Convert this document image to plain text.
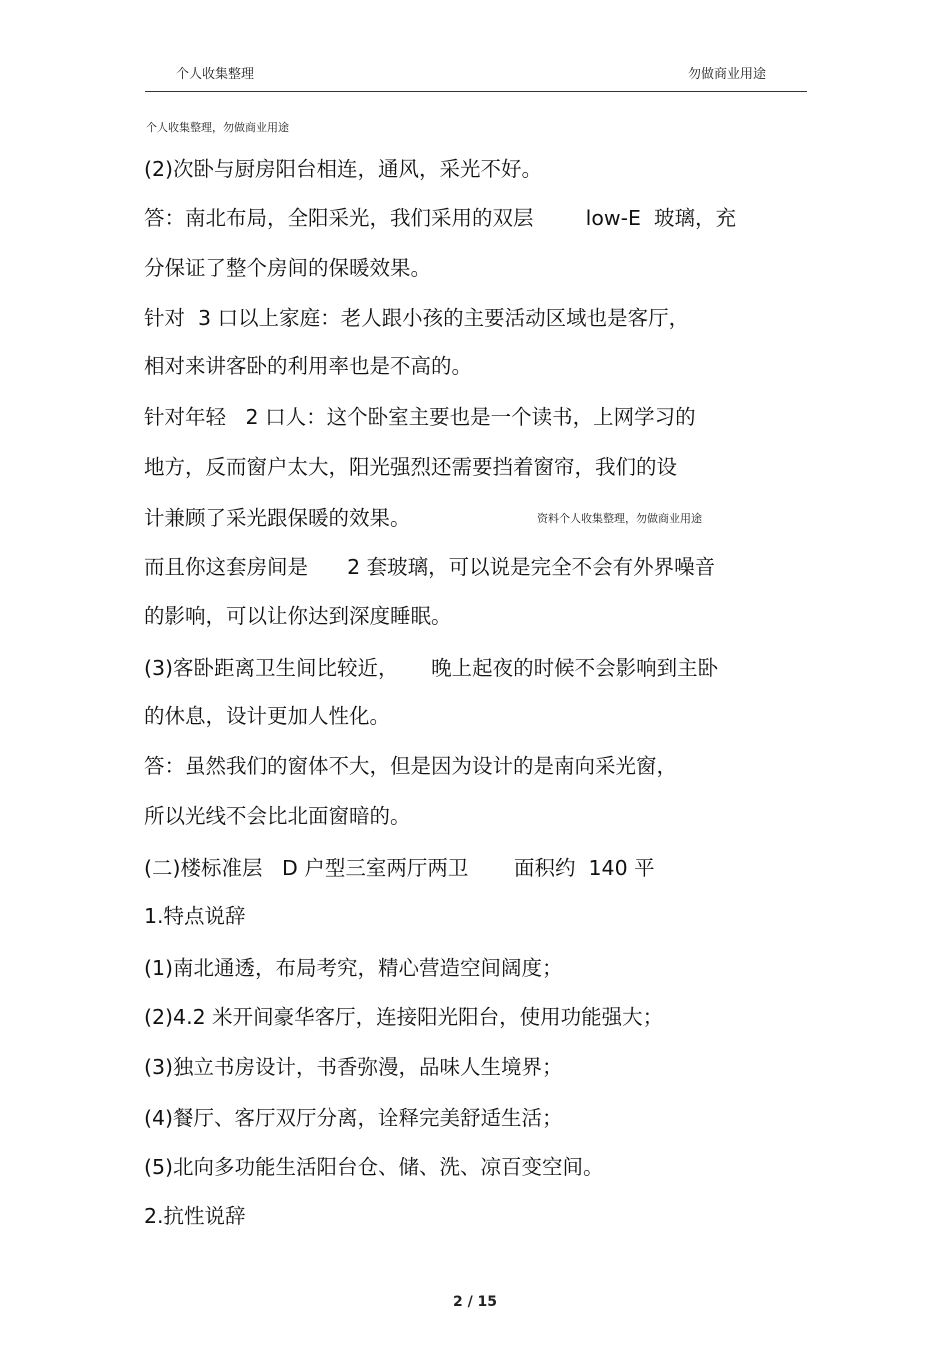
个人收集整理	勿做商业用途
个人收集整理，勿做商业用途
(2)次卧与厨房阳台相连，通风，采光不好。
答：南北布局，全阳采光，我们采用的双层        low-E  玻璃，充
分保证了整个房间的保暖效果。
针对  3 口以上家庭：老人跟小孩的主要活动区域也是客厅，
相对来讲客卧的利用率也是不高的。
针对年轻   2 口人：这个卧室主要也是一个读书，上网学习的
地方，反而窗户太大，阳光强烈还需要挡着窗帘，我们的设
计兼顾了采光跟保暖的效果。	资料个人收集整理，勿做商业用途
而且你这套房间是      2 套玻璃，可以说是完全不会有外界噪音
的影响，可以让你达到深度睡眠。
(3)客卧距离卫生间比较近，     晚上起夜的时候不会影响到主卧
的休息，设计更加人性化。
答：虽然我们的窗体不大，但是因为设计的是南向采光窗，
所以光线不会比北面窗暗的。
(二)楼标准层   D 户型三室两厅两卫       面积约  140 平
1.特点说辞
(1)南北通透，布局考究，精心营造空间阔度；
(2)4.2 米开间豪华客厅，连接阳光阳台，使用功能强大；
(3)独立书房设计，书香弥漫，品味人生境界；
(4)餐厅、客厅双厅分离，诠释完美舒适生活；
(5)北向多功能生活阳台仓、储、洗、凉百变空间。
2.抗性说辞
2 / 15
